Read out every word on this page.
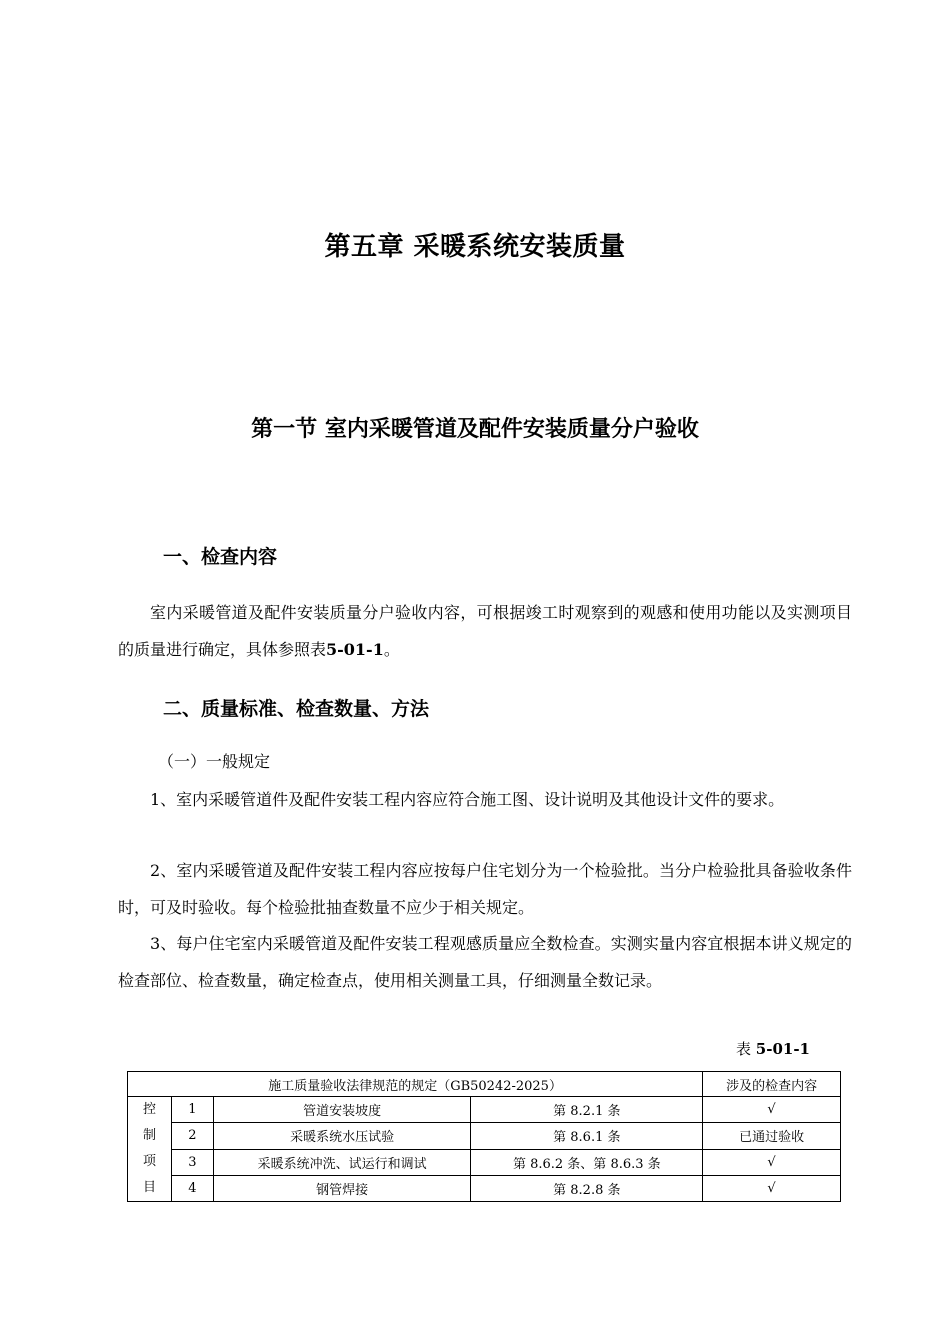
第五章 采暖系统安装质量
第一节 室内采暖管道及配件安装质量分户验收
一、检查内容
室内采暖管道及配件安装质量分户验收内容，可根据竣工时观察到的观感和使用功能以及实测项目的质量进行确定，具体参照表5-01-1。
二、质量标准、检查数量、方法
（一）一般规定
1、室内采暖管道件及配件安装工程内容应符合施工图、设计说明及其他设计文件的要求。
2、室内采暖管道及配件安装工程内容应按每户住宅划分为一个检验批。当分户检验批具备验收条件时，可及时验收。每个检验批抽查数量不应少于相关规定。
3、每户住宅室内采暖管道及配件安装工程观感质量应全数检查。实测实量内容宜根据本讲义规定的检查部位、检查数量，确定检查点，使用相关测量工具，仔细测量全数记录。
表 5-01-1
施工质量验收法律规范的规定（GB50242-2025）				涉及的检查内容
控
制
项
目	1	管道安装坡度	第 8.2.1 条	√
	2	采暖系统水压试验	第 8.6.1 条	已通过验收
	3	采暖系统冲洗、试运行和调试	第 8.6.2 条、第 8.6.3 条	√
	4	钢管焊接	第 8.2.8 条	√
